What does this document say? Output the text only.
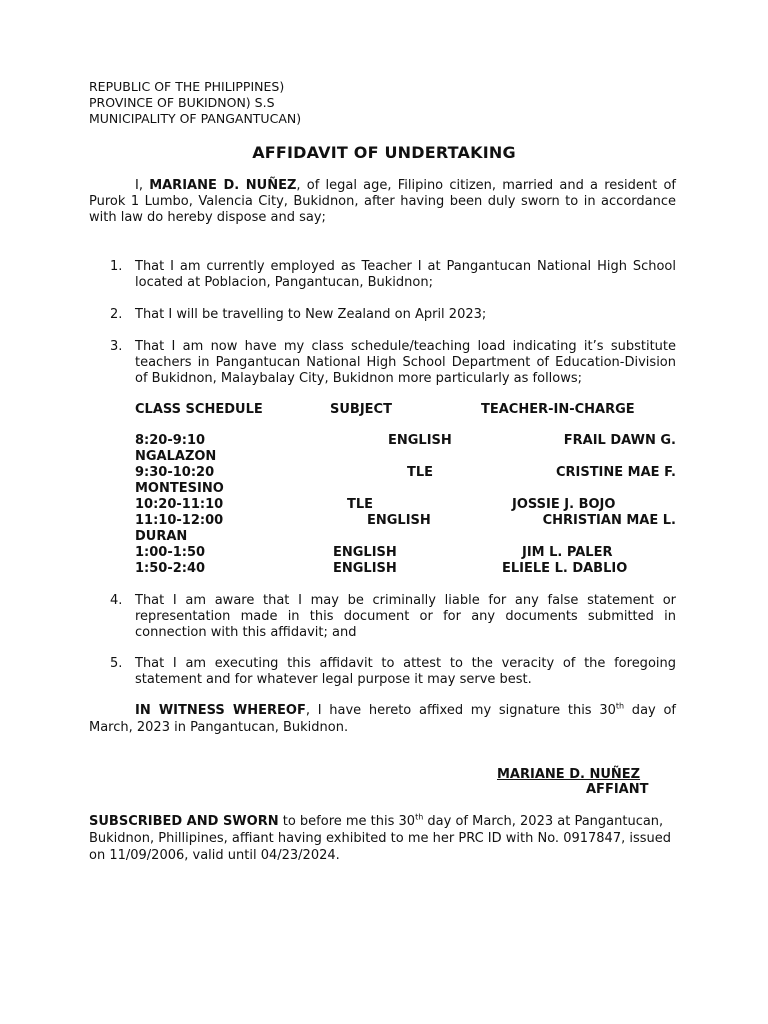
REPUBLIC OF THE PHILIPPINES)
PROVINCE OF BUKIDNON) S.S
MUNICIPALITY OF PANGANTUCAN)
AFFIDAVIT OF UNDERTAKING
I, MARIANE D. NUÑEZ, of legal age, Filipino citizen, married and a resident of Purok 1 Lumbo, Valencia City, Bukidnon, after having been duly sworn to in accordance with law do hereby dispose and say;
1. That I am currently employed as Teacher I at Pangantucan National High School located at Poblacion, Pangantucan, Bukidnon;
2. That I will be travelling to New Zealand on April 2023;
3. That I am now have my class schedule/teaching load indicating it’s substitute teachers in Pangantucan National High School Department of Education-Division of Bukidnon, Malaybalay City, Bukidnon more particularly as follows;
CLASS SCHEDULE	SUBJECT	TEACHER-IN-CHARGE
8:20-9:10	ENGLISH	FRAIL DAWN G.
NGALAZON
9:30-10:20	TLE	CRISTINE MAE F.
MONTESINO
10:20-11:10	TLE	JOSSIE J. BOJO
11:10-12:00	ENGLISH	CHRISTIAN MAE L.
DURAN
1:00-1:50	ENGLISH	JIM L. PALER
1:50-2:40	ENGLISH	ELIELE L. DABLIO
4. That I am aware that I may be criminally liable for any false statement or representation made in this document or for any documents submitted in connection with this affidavit; and
5. That I am executing this affidavit to attest to the veracity of the foregoing statement and for whatever legal purpose it may serve best.
IN WITNESS WHEREOF, I have hereto affixed my signature this 30th day of March, 2023 in Pangantucan, Bukidnon.
MARIANE D. NUÑEZ
AFFIANT
SUBSCRIBED AND SWORN to before me this 30th day of March, 2023 at Pangantucan, Bukidnon, Phillipines, affiant having exhibited to me her PRC ID with No. 0917847, issued on 11/09/2006, valid until 04/23/2024.
